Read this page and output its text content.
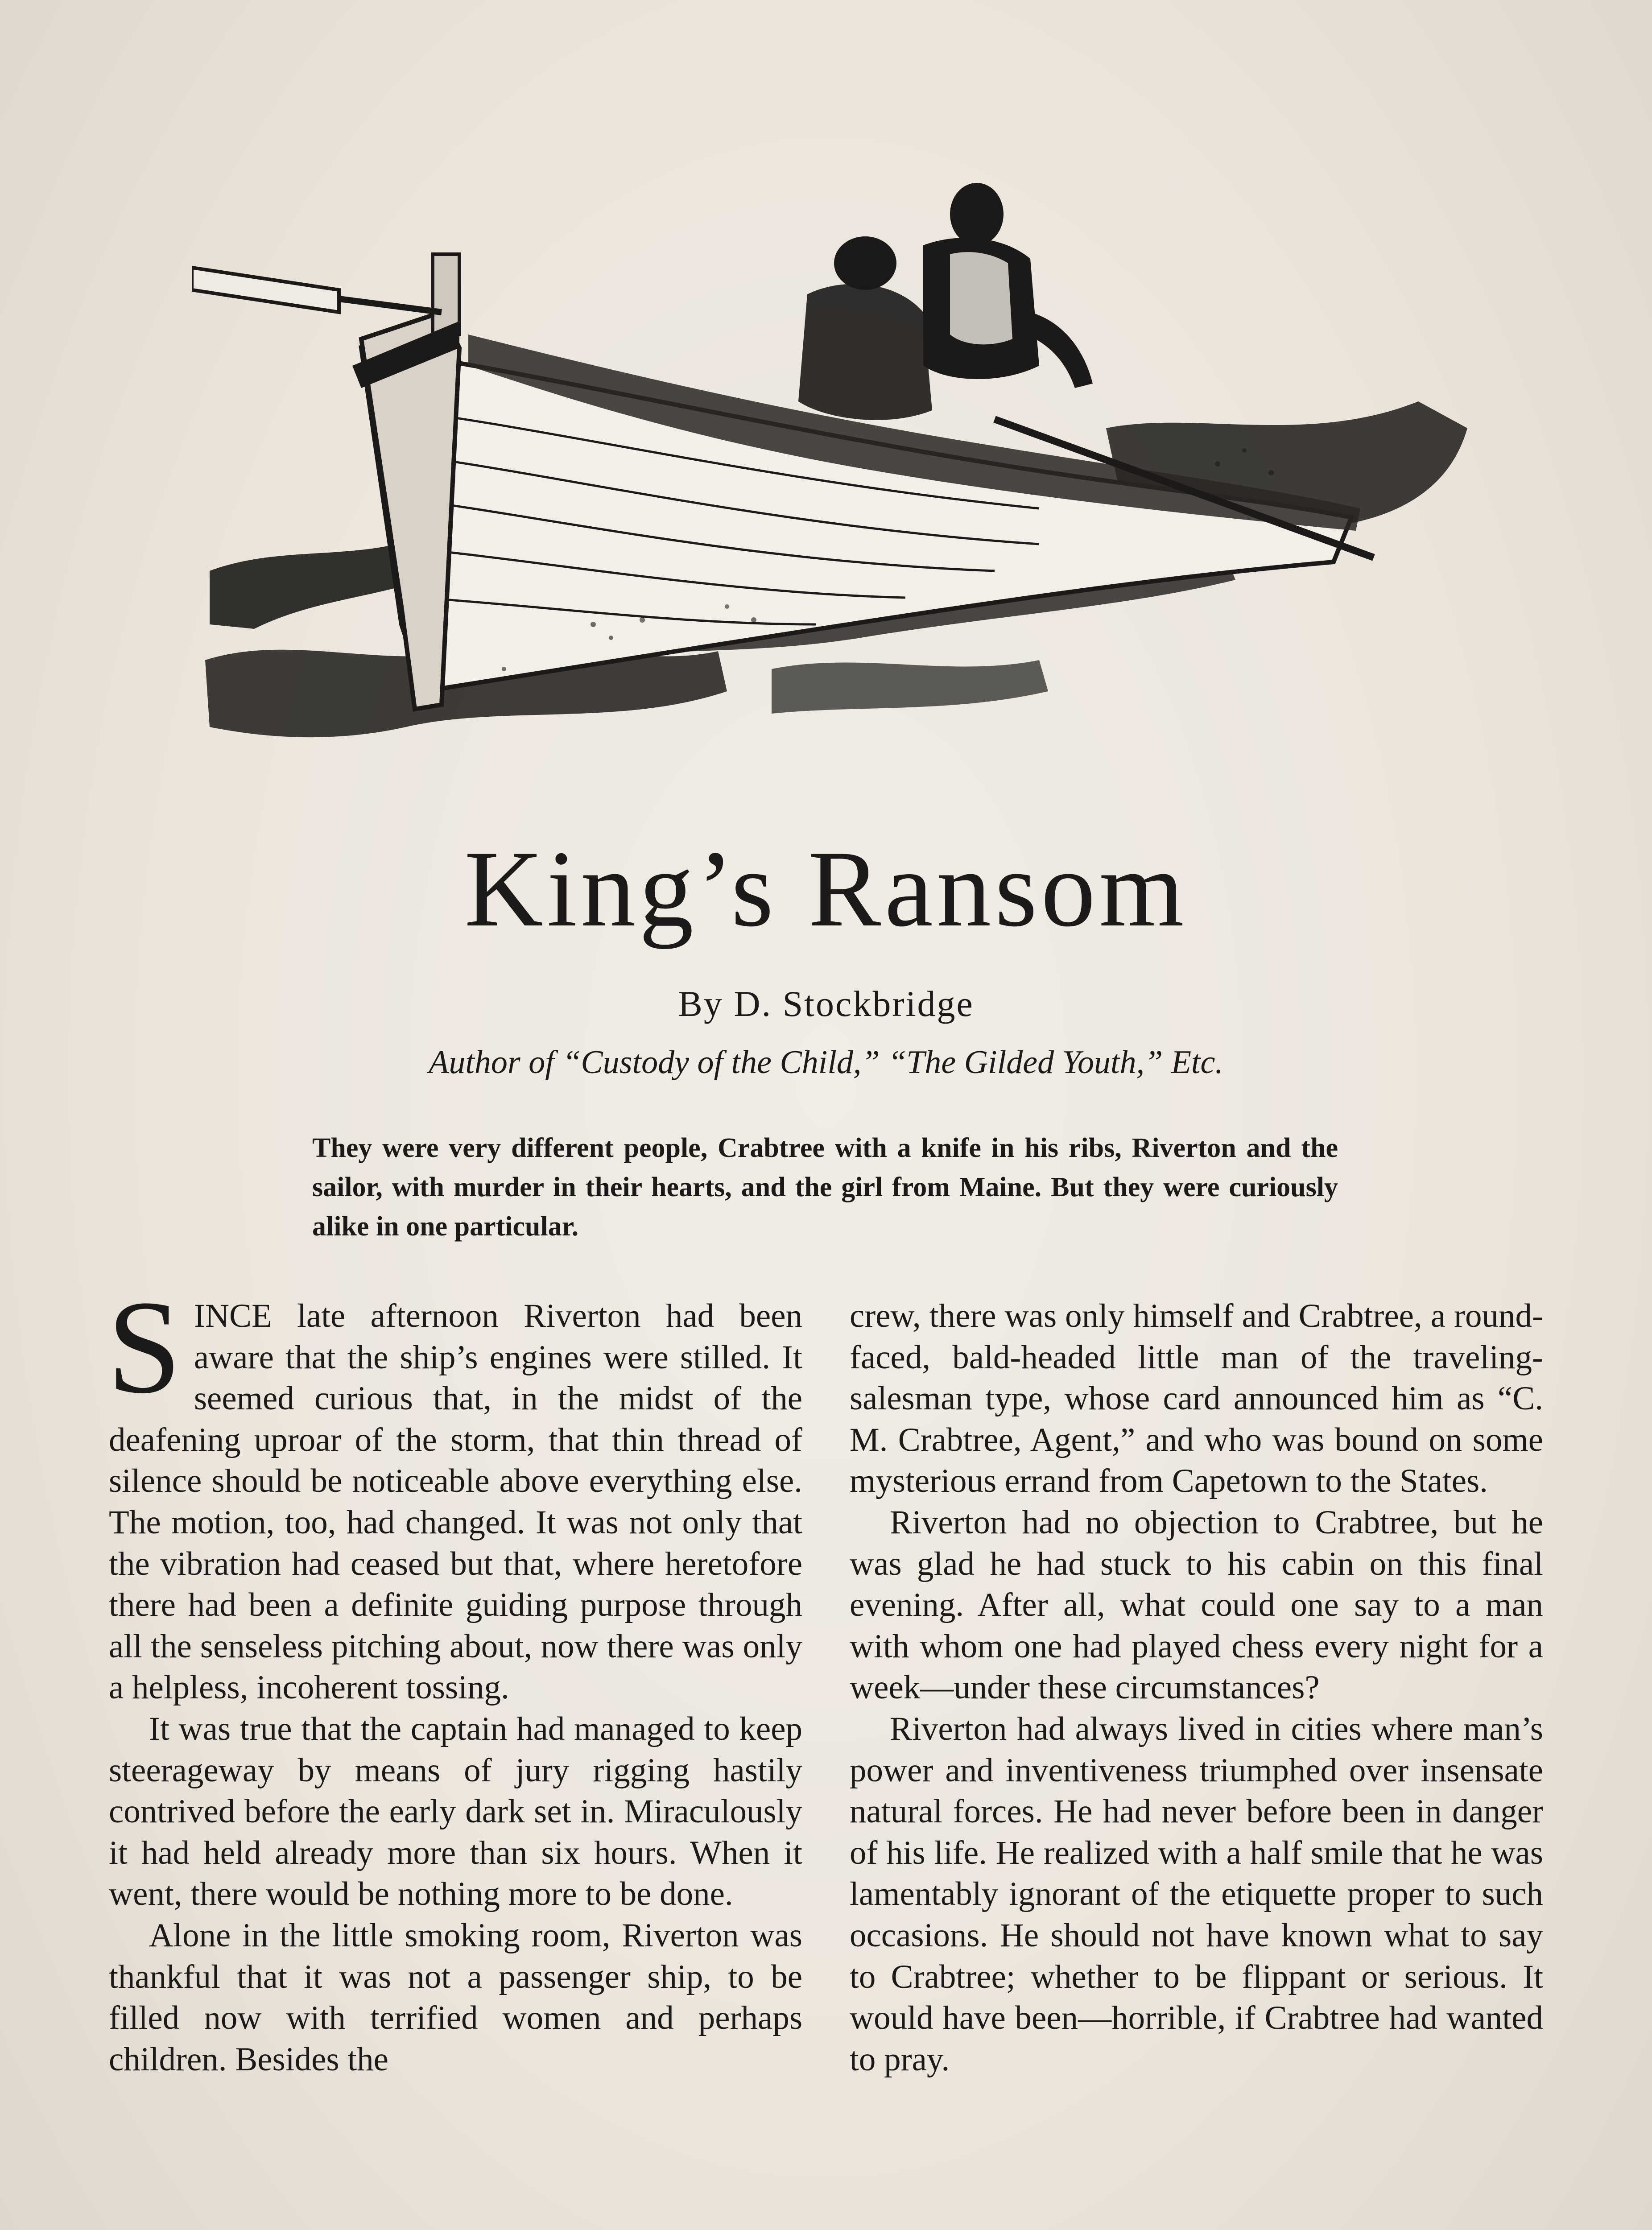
King’s Ransom
By D. Stockbridge
Author of “Custody of the Child,” “The Gilded Youth,” Etc.
They were very different people, Crabtree with a knife in his ribs, Riverton and the sailor, with murder in their hearts, and the girl from Maine. But they were curiously alike in one particular.

SINCE late afternoon Riverton had been aware that the ship’s engines were stilled. It seemed curious that, in the midst of the deafening uproar of the storm, that thin thread of silence should be noticeable above everything else. The motion, too, had changed. It was not only that the vibration had ceased but that, where heretofore there had been a definite guiding purpose through all the senseless pitching about, now there was only a helpless, incoherent tossing.

It was true that the captain had managed to keep steerageway by means of jury rigging hastily contrived before the early dark set in. Miraculously it had held already more than six hours. When it went, there would be nothing more to be done.

Alone in the little smoking room, Riverton was thankful that it was not a passenger ship, to be filled now with terrified women and perhaps children. Besides the

crew, there was only himself and Crabtree, a round-faced, bald-headed little man of the traveling-salesman type, whose card announced him as “C. M. Crabtree, Agent,” and who was bound on some mysterious errand from Capetown to the States.

Riverton had no objection to Crabtree, but he was glad he had stuck to his cabin on this final evening. After all, what could one say to a man with whom one had played chess every night for a week—under these circumstances?

Riverton had always lived in cities where man’s power and inventiveness triumphed over insensate natural forces. He had never before been in danger of his life. He realized with a half smile that he was lamentably ignorant of the etiquette proper to such occasions. He should not have known what to say to Crabtree; whether to be flippant or serious. It would have been—horrible, if Crabtree had wanted to pray.
